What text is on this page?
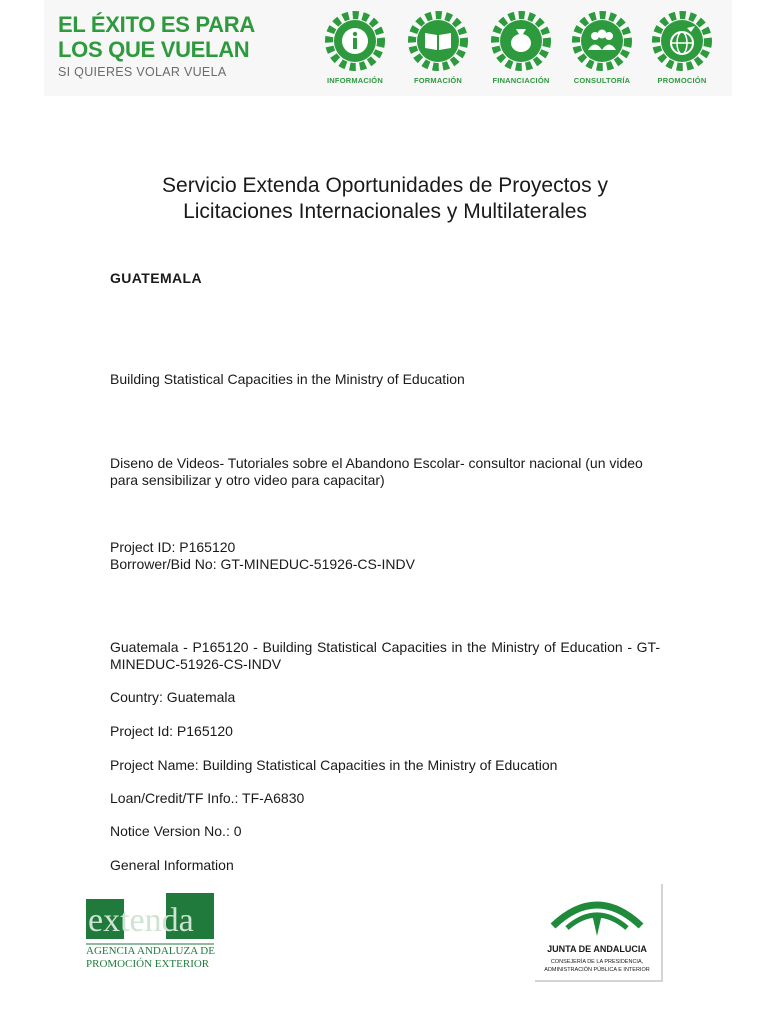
EL ÉXITO ES PARA
LOS QUE VUELAN
SI QUIERES VOLAR VUELA
INFORMACIÓN	FORMACIÓN	FINANCIACIÓN	CONSULTORÍA	PROMOCIÓN
Servicio Extenda Oportunidades de Proyectos y
Licitaciones Internacionales y Multilaterales
GUATEMALA
Building Statistical Capacities in the Ministry of Education
Diseno de Videos- Tutoriales sobre el Abandono Escolar- consultor nacional (un video para sensibilizar y otro video para capacitar)
Project ID: P165120
Borrower/Bid No: GT-MINEDUC-51926-CS-INDV
Guatemala - P165120 - Building Statistical Capacities in the Ministry of Education - GT-MINEDUC-51926-CS-INDV
Country: Guatemala
Project Id: P165120
Project Name: Building Statistical Capacities in the Ministry of Education
Loan/Credit/TF Info.: TF-A6830
Notice Version No.: 0
General Information
extenda
AGENCIA ANDALUZA DE
PROMOCIÓN EXTERIOR
JUNTA DE ANDALUCIA
CONSEJERÍA DE LA PRESIDENCIA,
ADMINISTRACIÓN PÚBLICA E INTERIOR
